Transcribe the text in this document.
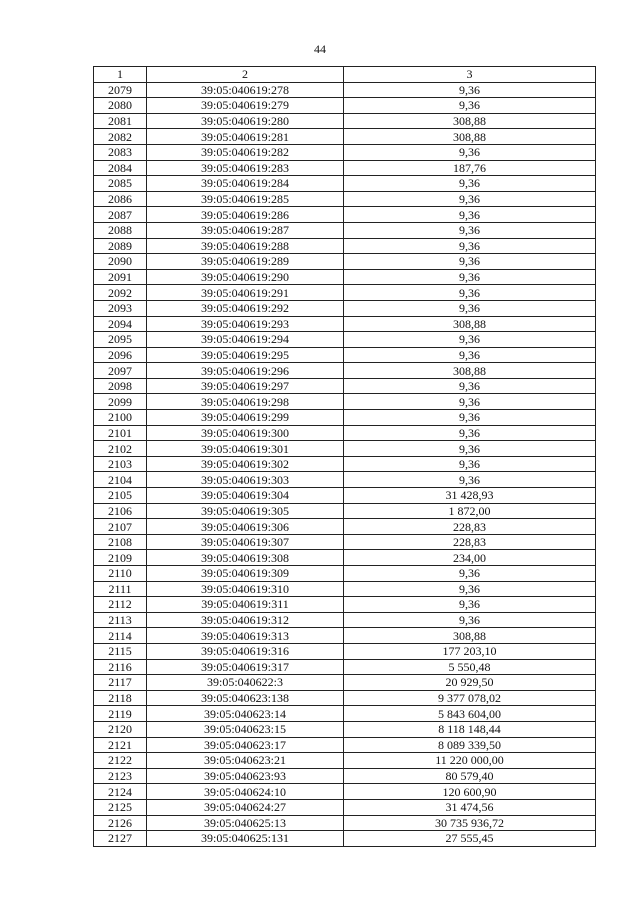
44
1	2	3
2079	39:05:040619:278	9,36
2080	39:05:040619:279	9,36
2081	39:05:040619:280	308,88
2082	39:05:040619:281	308,88
2083	39:05:040619:282	9,36
2084	39:05:040619:283	187,76
2085	39:05:040619:284	9,36
2086	39:05:040619:285	9,36
2087	39:05:040619:286	9,36
2088	39:05:040619:287	9,36
2089	39:05:040619:288	9,36
2090	39:05:040619:289	9,36
2091	39:05:040619:290	9,36
2092	39:05:040619:291	9,36
2093	39:05:040619:292	9,36
2094	39:05:040619:293	308,88
2095	39:05:040619:294	9,36
2096	39:05:040619:295	9,36
2097	39:05:040619:296	308,88
2098	39:05:040619:297	9,36
2099	39:05:040619:298	9,36
2100	39:05:040619:299	9,36
2101	39:05:040619:300	9,36
2102	39:05:040619:301	9,36
2103	39:05:040619:302	9,36
2104	39:05:040619:303	9,36
2105	39:05:040619:304	31 428,93
2106	39:05:040619:305	1 872,00
2107	39:05:040619:306	228,83
2108	39:05:040619:307	228,83
2109	39:05:040619:308	234,00
2110	39:05:040619:309	9,36
2111	39:05:040619:310	9,36
2112	39:05:040619:311	9,36
2113	39:05:040619:312	9,36
2114	39:05:040619:313	308,88
2115	39:05:040619:316	177 203,10
2116	39:05:040619:317	5 550,48
2117	39:05:040622:3	20 929,50
2118	39:05:040623:138	9 377 078,02
2119	39:05:040623:14	5 843 604,00
2120	39:05:040623:15	8 118 148,44
2121	39:05:040623:17	8 089 339,50
2122	39:05:040623:21	11 220 000,00
2123	39:05:040623:93	80 579,40
2124	39:05:040624:10	120 600,90
2125	39:05:040624:27	31 474,56
2126	39:05:040625:13	30 735 936,72
2127	39:05:040625:131	27 555,45
